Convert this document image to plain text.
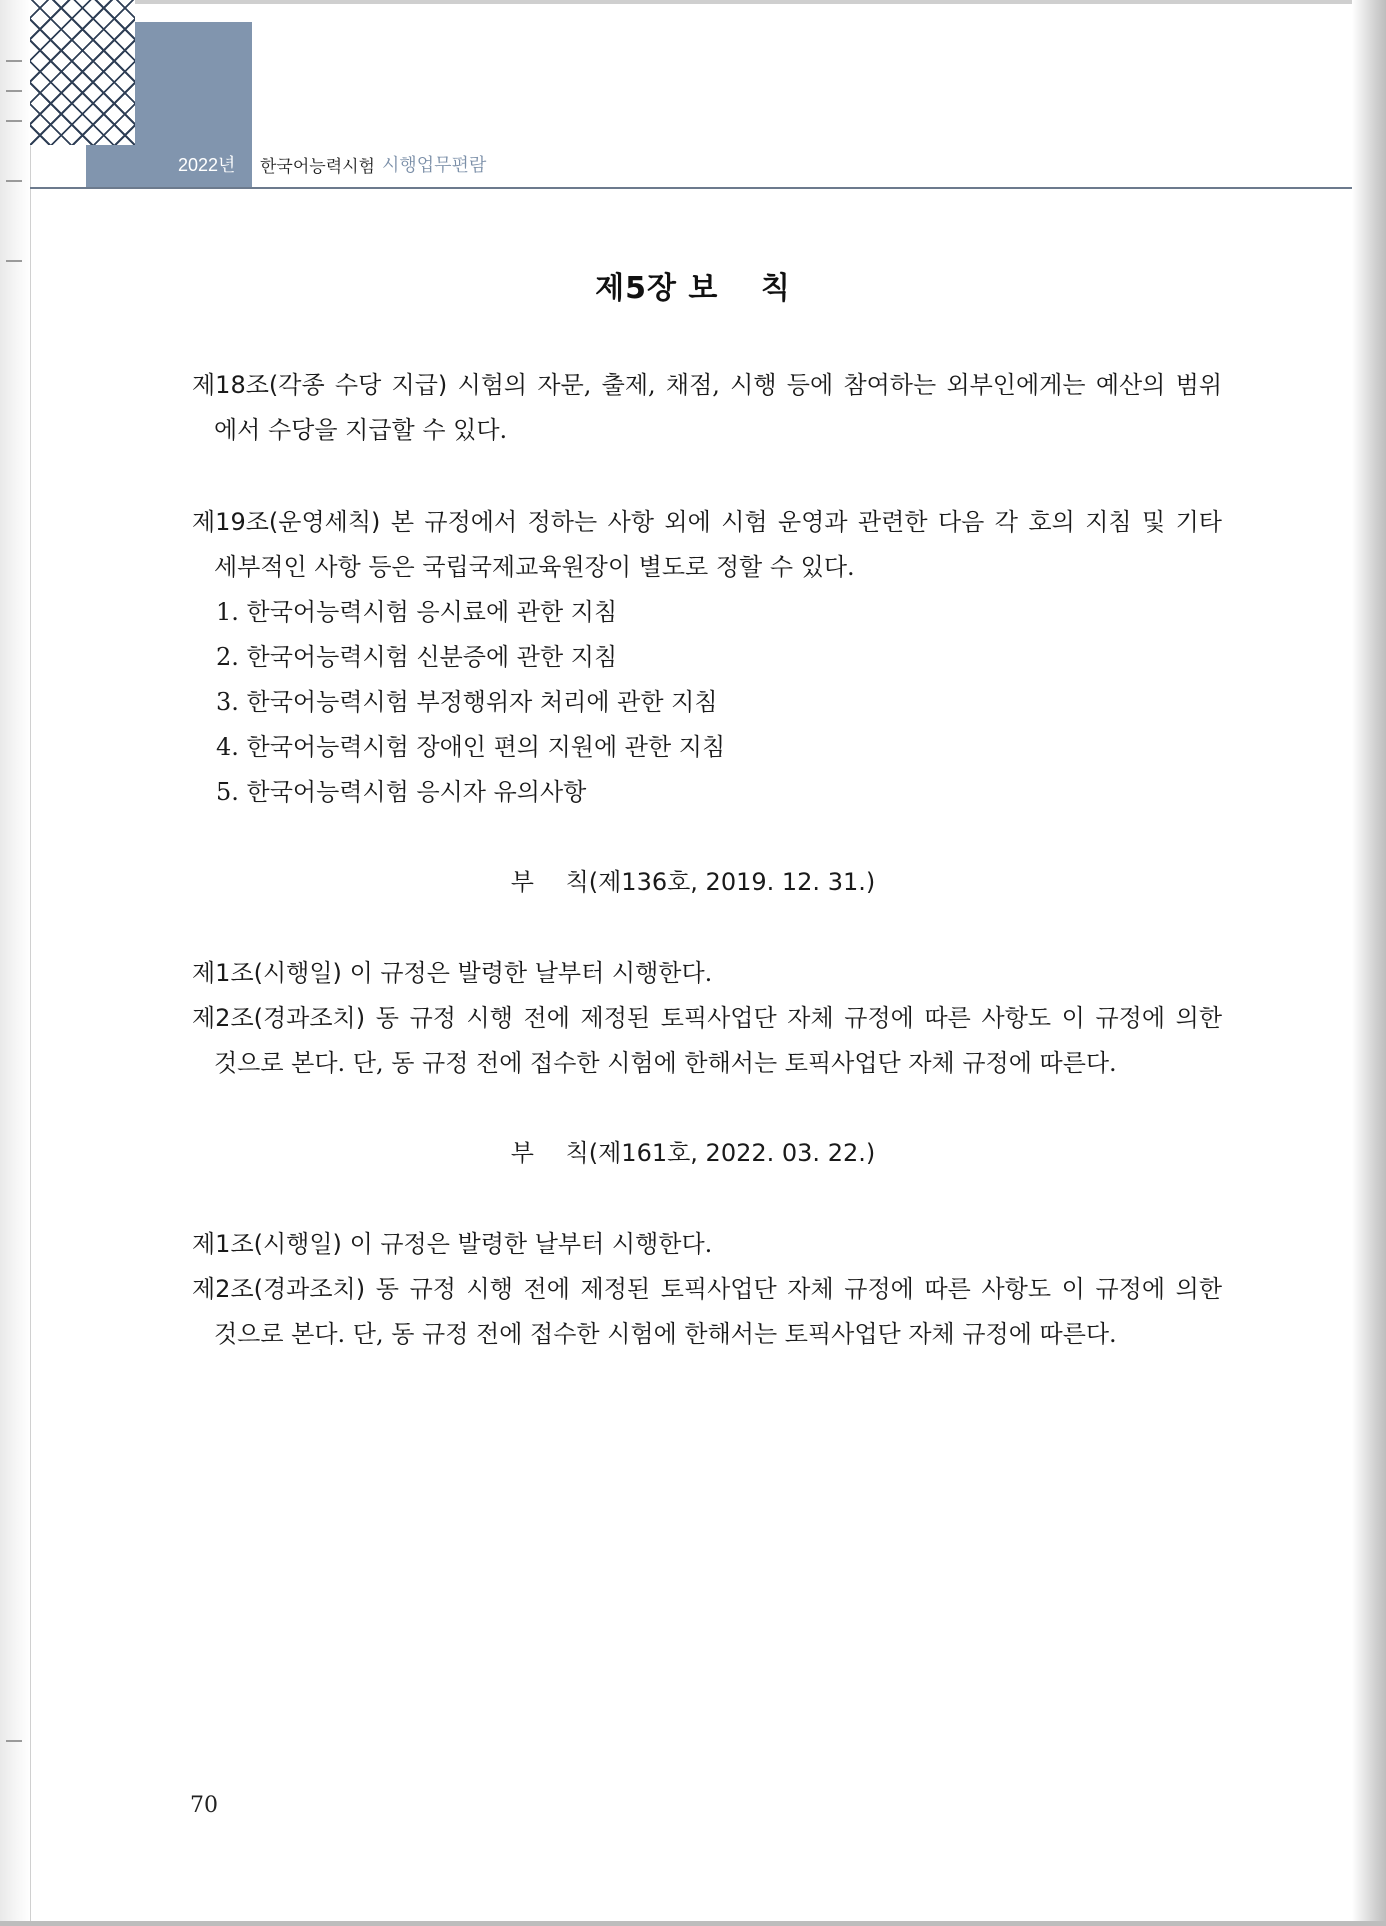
2022년 한국어능력시험 시행업무편람
제5장 보　 칙
제18조(각종 수당 지급) 시험의 자문, 출제, 채점, 시행 등에 참여하는 외부인에게는 예산의 범위
에서 수당을 지급할 수 있다.
제19조(운영세칙) 본 규정에서 정하는 사항 외에 시험 운영과 관련한 다음 각 호의 지침 및 기타
세부적인 사항 등은 국립국제교육원장이 별도로 정할 수 있다.
1. 한국어능력시험 응시료에 관한 지침
2. 한국어능력시험 신분증에 관한 지침
3. 한국어능력시험 부정행위자 처리에 관한 지침
4. 한국어능력시험 장애인 편의 지원에 관한 지침
5. 한국어능력시험 응시자 유의사항
부　 칙(제136호, 2019. 12. 31.)
제1조(시행일) 이 규정은 발령한 날부터 시행한다.
제2조(경과조치) 동 규정 시행 전에 제정된 토픽사업단 자체 규정에 따른 사항도 이 규정에 의한
것으로 본다. 단, 동 규정 전에 접수한 시험에 한해서는 토픽사업단 자체 규정에 따른다.
부　 칙(제161호, 2022. 03. 22.)
제1조(시행일) 이 규정은 발령한 날부터 시행한다.
제2조(경과조치) 동 규정 시행 전에 제정된 토픽사업단 자체 규정에 따른 사항도 이 규정에 의한
것으로 본다. 단, 동 규정 전에 접수한 시험에 한해서는 토픽사업단 자체 규정에 따른다.
70
